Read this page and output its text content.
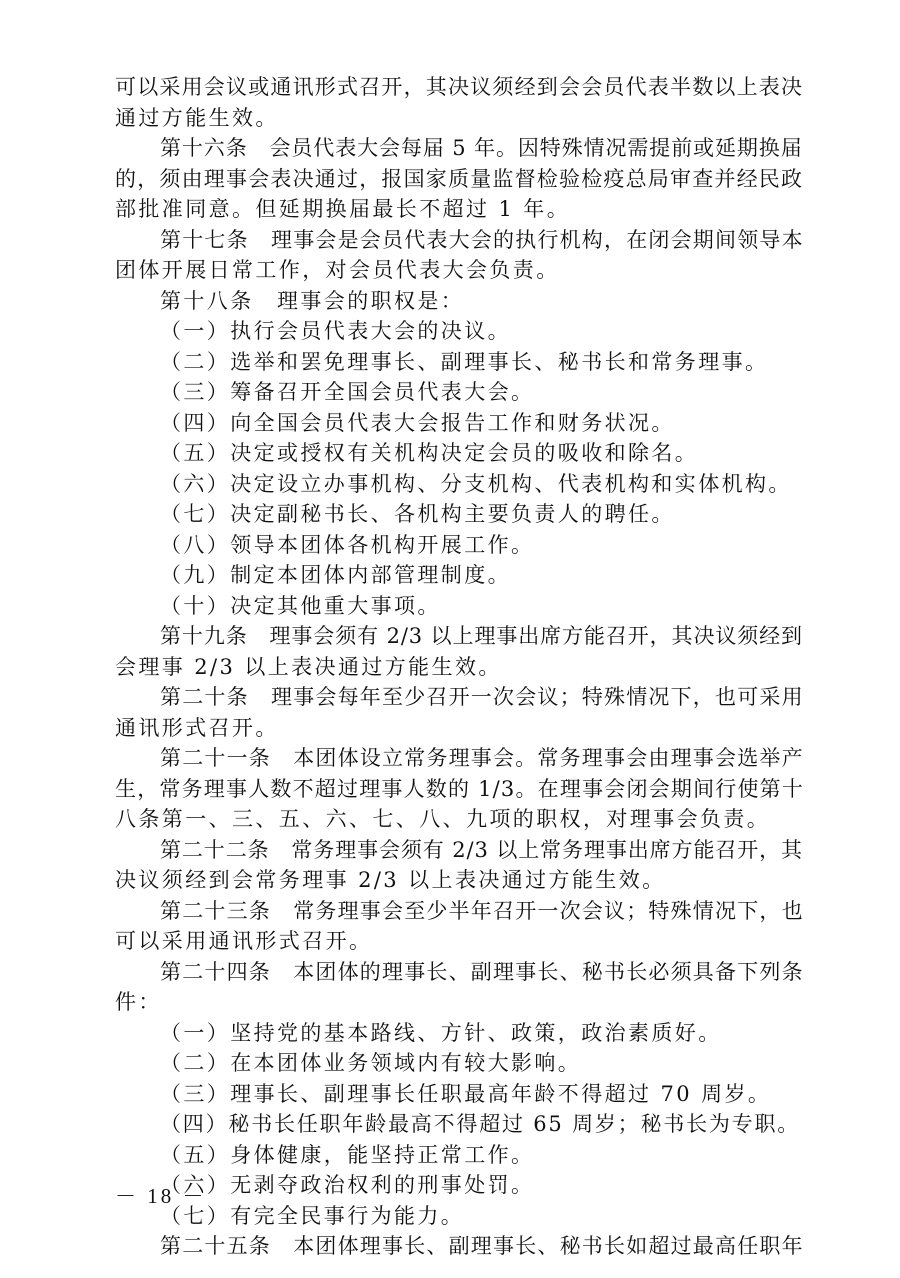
可以采用会议或通讯形式召开，其决议须经到会会员代表半数以上表决
通过方能生效。
第十六条　会员代表大会每届 5 年。因特殊情况需提前或延期换届
的，须由理事会表决通过，报国家质量监督检验检疫总局审查并经民政
部批准同意。但延期换届最长不超过 1 年。
第十七条　理事会是会员代表大会的执行机构，在闭会期间领导本
团体开展日常工作，对会员代表大会负责。
第十八条　理事会的职权是：
（一）执行会员代表大会的决议。
（二）选举和罢免理事长、副理事长、秘书长和常务理事。
（三）筹备召开全国会员代表大会。
（四）向全国会员代表大会报告工作和财务状况。
（五）决定或授权有关机构决定会员的吸收和除名。
（六）决定设立办事机构、分支机构、代表机构和实体机构。
（七）决定副秘书长、各机构主要负责人的聘任。
（八）领导本团体各机构开展工作。
（九）制定本团体内部管理制度。
（十）决定其他重大事项。
第十九条　理事会须有 2/3 以上理事出席方能召开，其决议须经到
会理事 2/3 以上表决通过方能生效。
第二十条　理事会每年至少召开一次会议；特殊情况下，也可采用
通讯形式召开。
第二十一条　本团体设立常务理事会。常务理事会由理事会选举产
生，常务理事人数不超过理事人数的 1/3。在理事会闭会期间行使第十
八条第一、三、五、六、七、八、九项的职权，对理事会负责。
第二十二条　常务理事会须有 2/3 以上常务理事出席方能召开，其
决议须经到会常务理事 2/3 以上表决通过方能生效。
第二十三条　常务理事会至少半年召开一次会议；特殊情况下，也
可以采用通讯形式召开。
第二十四条　本团体的理事长、副理事长、秘书长必须具备下列条
件：
（一）坚持党的基本路线、方针、政策，政治素质好。
（二）在本团体业务领域内有较大影响。
（三）理事长、副理事长任职最高年龄不得超过 70 周岁。
（四）秘书长任职年龄最高不得超过 65 周岁；秘书长为专职。
（五）身体健康，能坚持正常工作。
（六）无剥夺政治权利的刑事处罚。
（七）有完全民事行为能力。
第二十五条　本团体理事长、副理事长、秘书长如超过最高任职年
－ 18 －
